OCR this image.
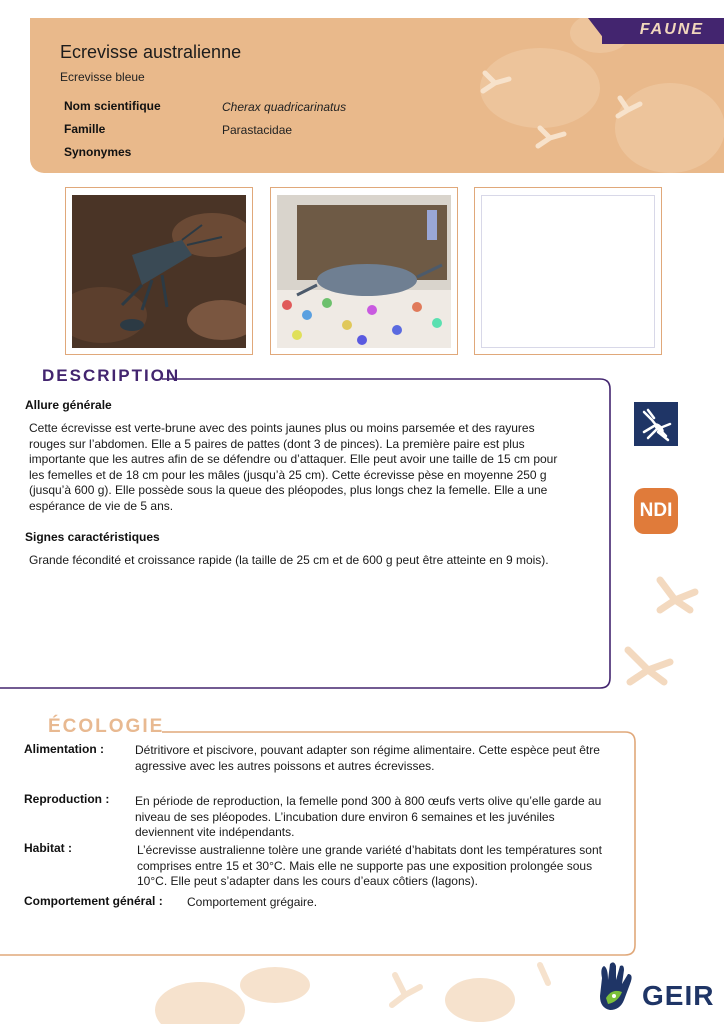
FAUNE
Ecrevisse australienne
Ecrevisse bleue
Nom scientifique	Cherax quadricarinatus
Famille	Parastacidae
Synonymes
DESCRIPTION
Allure générale
Cette écrevisse est verte-brune avec des points jaunes plus ou moins parsemée et des rayures
rouges sur l’abdomen. Elle a 5 paires de pattes (dont 3 de pinces). La première paire est plus
importante que les autres afin de se défendre ou d’attaquer. Elle peut avoir une taille de 15 cm pour
les femelles et de 18 cm pour les mâles (jusqu’à 25 cm). Cette écrevisse pèse en moyenne 250 g
(jusqu’à 600 g). Elle possède sous la queue des pléopodes, plus longs chez la femelle. Elle a une
espérance de vie de 5 ans.
Signes caractéristiques
Grande fécondité et croissance rapide (la taille de 25 cm et de 600 g peut être atteinte en 9 mois).
NDI
ÉCOLOGIE
Alimentation :	Détritivore et piscivore, pouvant adapter son régime alimentaire. Cette espèce peut être
agressive avec les autres poissons et autres écrevisses.
Reproduction : En période de reproduction, la femelle pond 300 à 800 œufs verts olive qu’elle garde au
niveau de ses pléopodes. L’incubation dure environ 6 semaines et les juvéniles
deviennent vite indépendants.
Habitat :	L’écrevisse australienne tolère une grande variété d’habitats dont les températures sont
comprises entre 15 et 30°C. Mais elle ne supporte pas une exposition prolongée sous
10°C. Elle peut s’adapter dans les cours d’eaux côtiers (lagons).
Comportement général : Comportement grégaire.
GEIR
